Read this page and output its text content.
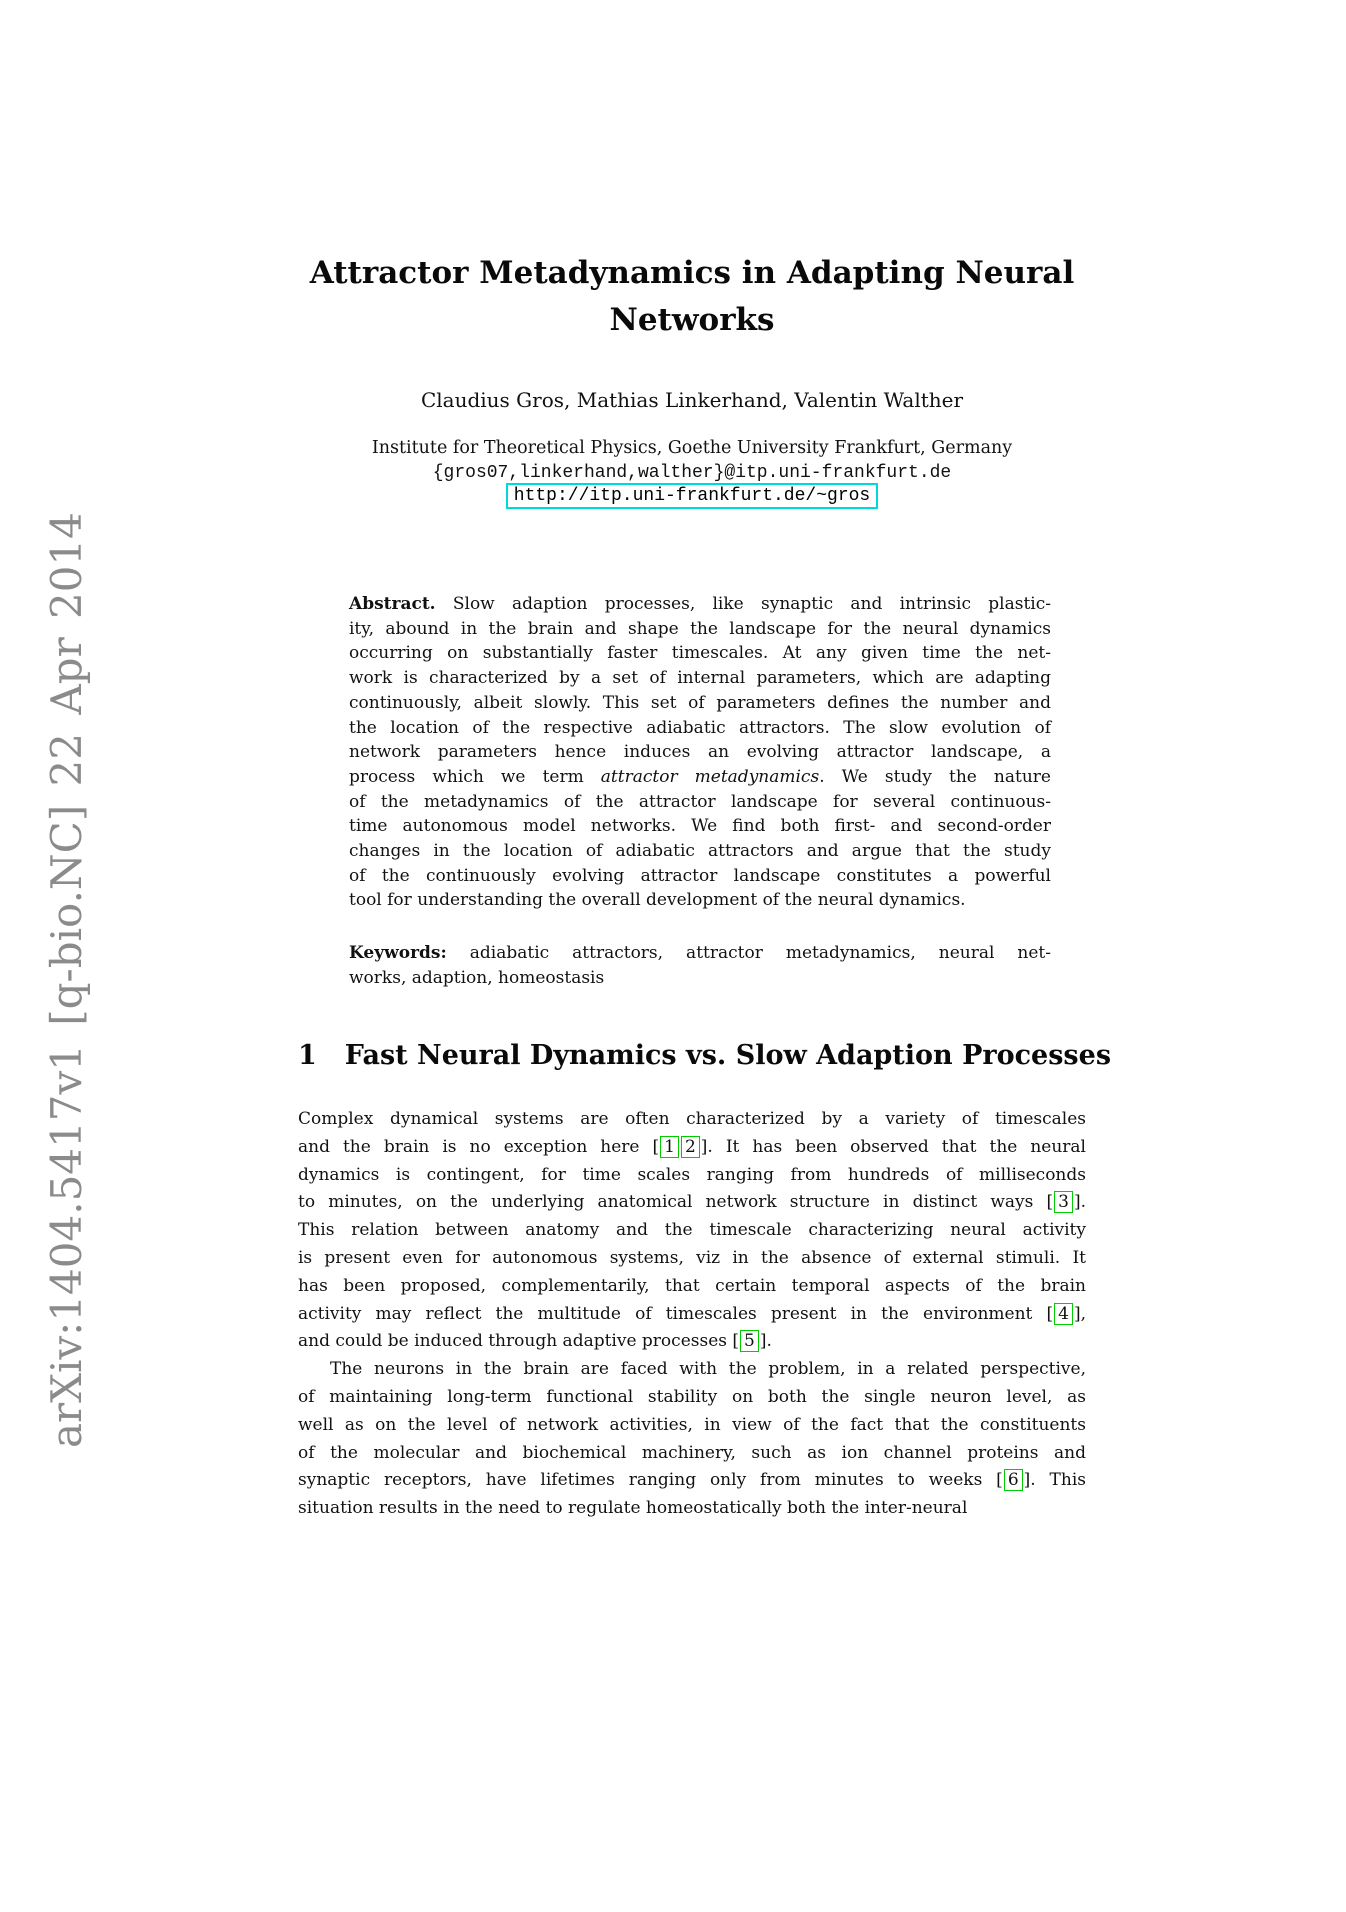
arXiv:1404.5417v1 [q-bio.NC] 22 Apr 2014
Attractor Metadynamics in Adapting Neural
Networks
Claudius Gros, Mathias Linkerhand, Valentin Walther
Institute for Theoretical Physics, Goethe University Frankfurt, Germany
{gros07,linkerhand,walther}@itp.uni-frankfurt.de
http://itp.uni-frankfurt.de/~gros
Abstract. Slow adaption processes, like synaptic and intrinsic plastic-
ity, abound in the brain and shape the landscape for the neural dynamics
occurring on substantially faster timescales. At any given time the net-
work is characterized by a set of internal parameters, which are adapting
continuously, albeit slowly. This set of parameters defines the number and
the location of the respective adiabatic attractors. The slow evolution of
network parameters hence induces an evolving attractor landscape, a
process which we term attractor metadynamics. We study the nature
of the metadynamics of the attractor landscape for several continuous-
time autonomous model networks. We find both first- and second-order
changes in the location of adiabatic attractors and argue that the study
of the continuously evolving attractor landscape constitutes a powerful
tool for understanding the overall development of the neural dynamics.
Keywords: adiabatic attractors, attractor metadynamics, neural net-
works, adaption, homeostasis
1 Fast Neural Dynamics vs. Slow Adaption Processes
Complex dynamical systems are often characterized by a variety of timescales
and the brain is no exception here [ 1 2 ]. It has been observed that the neural
dynamics is contingent, for time scales ranging from hundreds of milliseconds
to minutes, on the underlying anatomical network structure in distinct ways [ 3 ].
This relation between anatomy and the timescale characterizing neural activity
is present even for autonomous systems, viz in the absence of external stimuli. It
has been proposed, complementarily, that certain temporal aspects of the brain
activity may reflect the multitude of timescales present in the environment [ 4 ],
and could be induced through adaptive processes [ 5 ].
The neurons in the brain are faced with the problem, in a related perspective,
of maintaining long-term functional stability on both the single neuron level, as
well as on the level of network activities, in view of the fact that the constituents
of the molecular and biochemical machinery, such as ion channel proteins and
synaptic receptors, have lifetimes ranging only from minutes to weeks [ 6 ]. This
situation results in the need to regulate homeostatically both the inter-neural
